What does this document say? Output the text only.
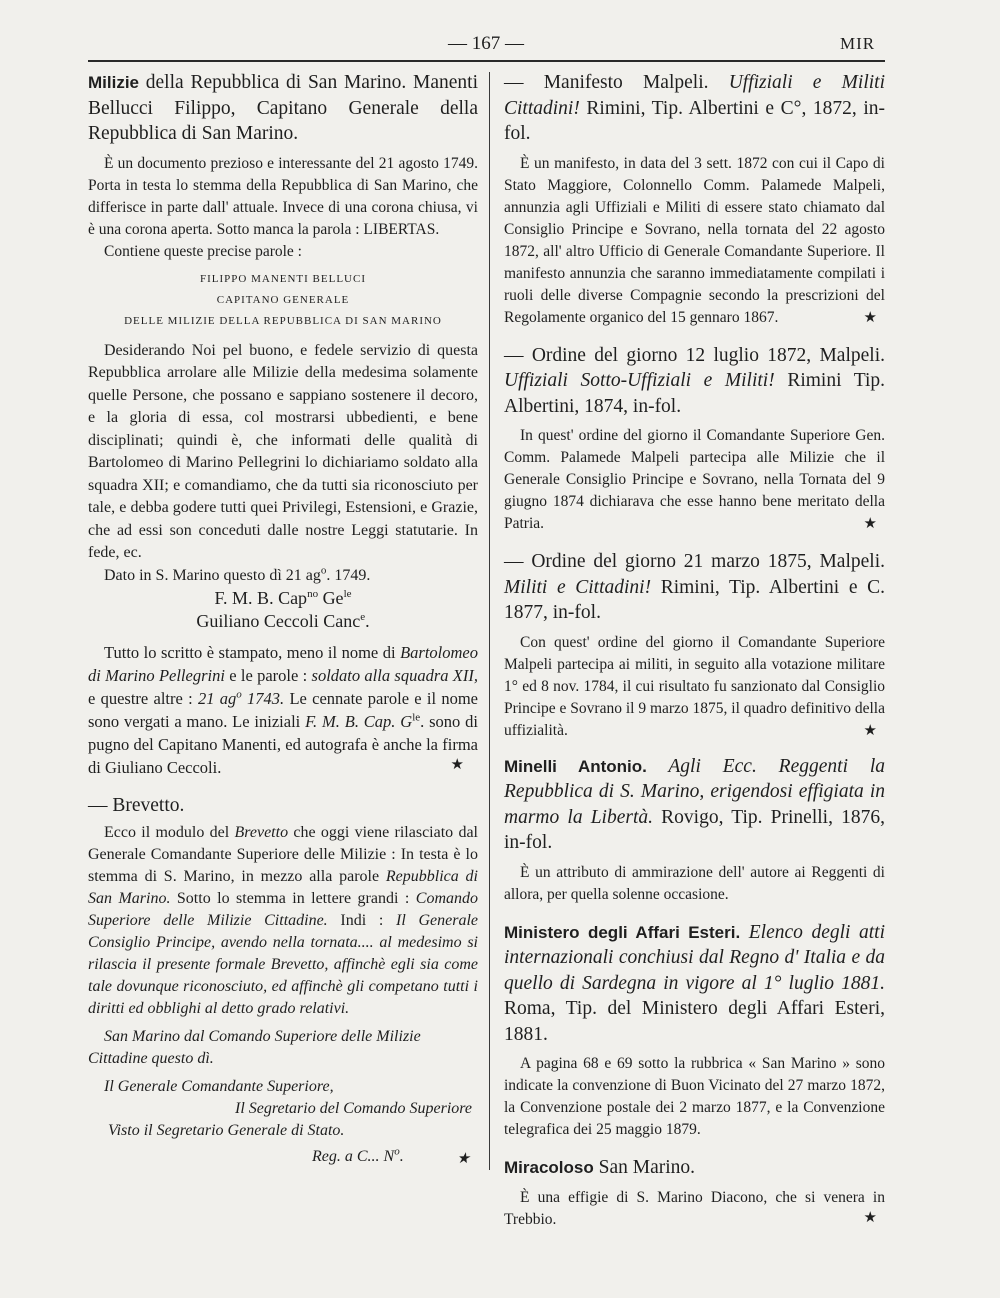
— 167 —	MIR

Milizie della Repubblica di San Marino. Manenti Bellucci Filippo, Capitano Generale della Repubblica di San Marino.

È un documento prezioso e interessante del 21 agosto 1749. Porta in testa lo stemma della Repubblica di San Marino, che differisce in parte dall' attuale. Invece di una corona chiusa, vi è una corona aperta. Sotto manca la parola : LIBERTAS.

Contiene queste precise parole :

FILIPPO MANENTI BELLUCI

CAPITANO GENERALE

DELLE MILIZIE DELLA REPUBBLICA DI SAN MARINO

Desiderando Noi pel buono, e fedele servizio di questa Repubblica arrolare alle Milizie della medesima solamente quelle Persone, che possano e sappiano sostenere il decoro, e la gloria di essa, col mostrarsi ubbedienti, e bene disciplinati; quindi è, che informati delle qualità di Bartolomeo di Marino Pellegrini lo dichiariamo soldato alla squadra XII; e comandiamo, che da tutti sia riconosciuto per tale, e debba godere tutti quei Privilegi, Estensioni, e Grazie, che ad essi son conceduti dalle nostre Leggi statutarie. In fede, ec.

Dato in S. Marino questo dì 21 $ag^o$. 1749.

F. M. B. Cap$^{no}$ $Ge^{le}$

Guiliano Ceccoli Canc$^e$.

Tutto lo scritto è stampato, meno il nome di Bartolomeo di Marino Pellegrini e le parole : soldato alla squadra XII, e questre altre : 21 $ag^o$ 1743. Le cennate parole e il nome sono vergati a mano. Le iniziali F. M. B. Cap. $G^{le}$. sono di pugno del Capitano Manenti, ed autografa è anche la firma di Giuliano Ceccoli.	★

— Brevetto.

Ecco il modulo del Brevetto che oggi viene rilasciato dal Generale Comandante Superiore delle Milizie : In testa è lo stemma di S. Marino, in mezzo alla parole Repubblica di San Marino. Sotto lo stemma in lettere grandi : Comando Superiore delle Milizie Cittadine. Indi : Il Generale Consiglio Principe, avendo nella tornata.... al medesimo si rilascia il presente formale Brevetto, affinchè egli sia come tale dovunque riconosciuto, ed affinchè gli competano tutti i diritti ed obblighi al detto grado relativi.

San Marino dal Comando Superiore delle Milizie Cittadine questo dì.

Il Generale Comandante Superiore,

Il Segretario del Comando Superiore

Visto il Segretario Generale di Stato.

Reg. a C... $N^o$.	★

— Manifesto Malpeli. Uffiziali e Militi Cittadini! Rimini, Tip. Albertini e C°, 1872, in-fol.

È un manifesto, in data del 3 sett. 1872 con cui il Capo di Stato Maggiore, Colonnello Comm. Palamede Malpeli, annunzia agli Uffiziali e Militi di essere stato chiamato dal Consiglio Principe e Sovrano, nella tornata del 22 agosto 1872, all' altro Ufficio di Generale Comandante Superiore. Il manifesto annunzia che saranno immediatamente compilati i ruoli delle diverse Compagnie secondo la prescrizioni del Regolamente organico del 15 gennaro 1867.	★

— Ordine del giorno 12 luglio 1872, Malpeli. Uffiziali Sotto-Uffiziali e Militi! Rimini Tip. Albertini, 1874, in-fol.

In quest' ordine del giorno il Comandante Superiore Gen. Comm. Palamede Malpeli partecipa alle Milizie che il Generale Consiglio Principe e Sovrano, nella Tornata del 9 giugno 1874 dichiarava che esse hanno bene meritato della Patria.	★

— Ordine del giorno 21 marzo 1875, Malpeli. Militi e Cittadini! Rimini, Tip. Albertini e C. 1877, in-fol.

Con quest' ordine del giorno il Comandante Superiore Malpeli partecipa ai militi, in seguito alla votazione militare 1° ed 8 nov. 1784, il cui risultato fu sanzionato dal Consiglio Principe e Sovrano il 9 marzo 1875, il quadro definitivo della uffizialità.	★

Minelli Antonio. Agli Ecc. Reggenti la Repubblica di S. Marino, erigendosi effigiata in marmo la Libertà. Rovigo, Tip. Prinelli, 1876, in-fol.

È un attributo di ammirazione dell' autore ai Reggenti di allora, per quella solenne occasione.

Ministero degli Affari Esteri. Elenco degli atti internazionali conchiusi dal Regno d' Italia e da quello di Sardegna in vigore al 1° luglio 1881. Roma, Tip. del Ministero degli Affari Esteri, 1881.

A pagina 68 e 69 sotto la rubbrica « San Marino » sono indicate la convenzione di Buon Vicinato del 27 marzo 1872, la Convenzione postale dei 2 marzo 1877, e la Convenzione telegrafica dei 25 maggio 1879.

Miracoloso San Marino.

È una effigie di S. Marino Diacono, che si venera in Trebbio.	★
